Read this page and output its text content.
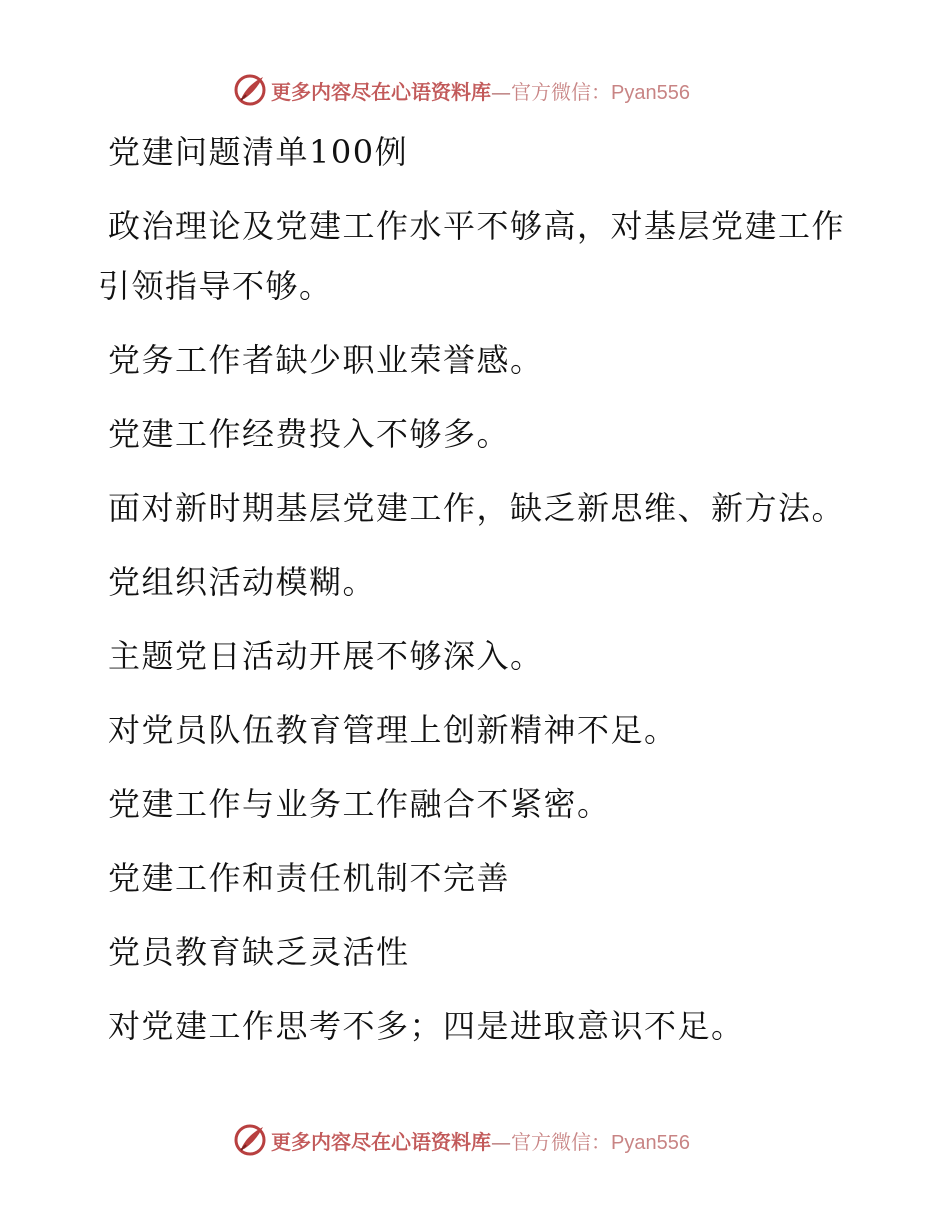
更多内容尽在心语资料库—官方微信：Pyan556

党建问题清单100例

政治理论及党建工作水平不够高，对基层党建工作引领指导不够。

党务工作者缺少职业荣誉感。

党建工作经费投入不够多。

面对新时期基层党建工作，缺乏新思维、新方法。

党组织活动模糊。

主题党日活动开展不够深入。

对党员队伍教育管理上创新精神不足。

党建工作与业务工作融合不紧密。

党建工作和责任机制不完善

党员教育缺乏灵活性

对党建工作思考不多；四是进取意识不足。

更多内容尽在心语资料库—官方微信：Pyan556
